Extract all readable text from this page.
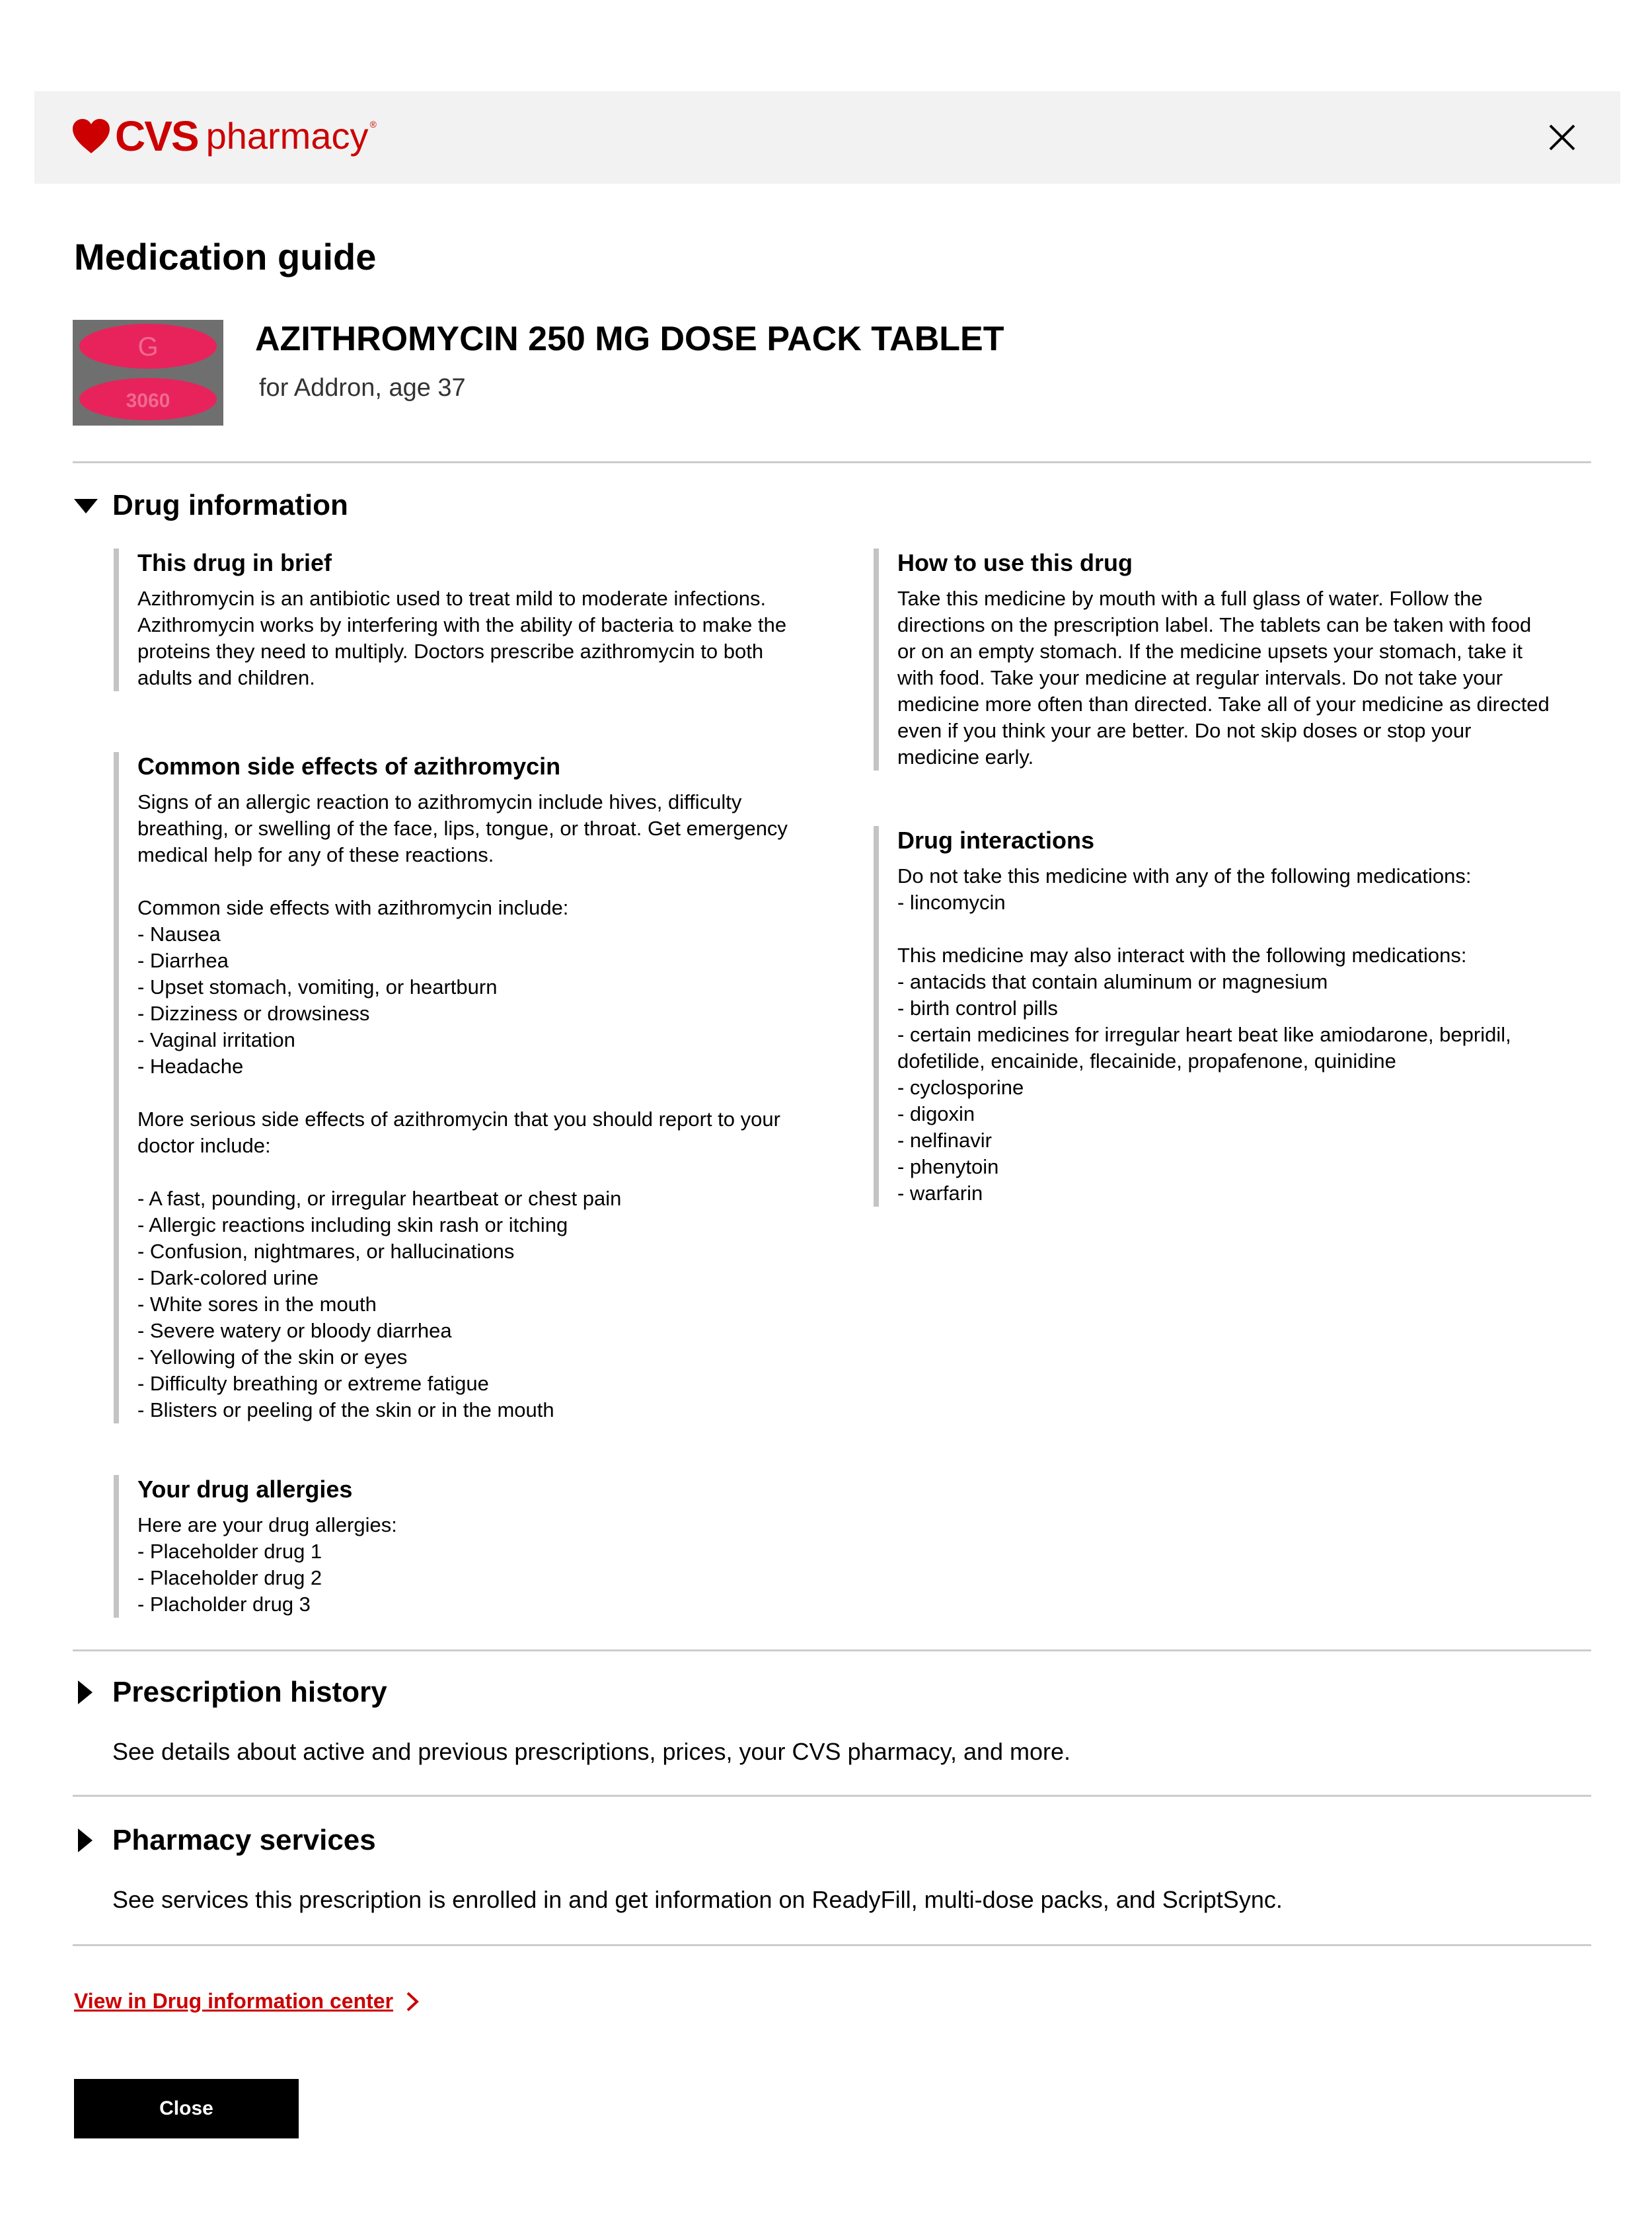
CVS pharmacy ®
Medication guide
G
3060
AZITHROMYCIN 250 MG DOSE PACK TABLET
for Addron, age 37
Drug information
This drug in brief
Azithromycin is an antibiotic used to treat mild to moderate infections.
Azithromycin works by interfering with the ability of bacteria to make the
proteins they need to multiply. Doctors prescribe azithromycin to both
adults and children.
Common side effects of azithromycin
Signs of an allergic reaction to azithromycin include hives, difficulty
breathing, or swelling of the face, lips, tongue, or throat. Get emergency
medical help for any of these reactions.

Common side effects with azithromycin include:
- Nausea
- Diarrhea
- Upset stomach, vomiting, or heartburn
- Dizziness or drowsiness
- Vaginal irritation
- Headache

More serious side effects of azithromycin that you should report to your
doctor include:

- A fast, pounding, or irregular heartbeat or chest pain
- Allergic reactions including skin rash or itching
- Confusion, nightmares, or hallucinations
- Dark-colored urine
- White sores in the mouth
- Severe watery or bloody diarrhea
- Yellowing of the skin or eyes
- Difficulty breathing or extreme fatigue
- Blisters or peeling of the skin or in the mouth
Your drug allergies
Here are your drug allergies:
- Placeholder drug 1
- Placeholder drug 2
- Placholder drug 3
How to use this drug
Take this medicine by mouth with a full glass of water. Follow the
directions on the prescription label. The tablets can be taken with food
or on an empty stomach. If the medicine upsets your stomach, take it
with food. Take your medicine at regular intervals. Do not take your
medicine more often than directed. Take all of your medicine as directed
even if you think your are better. Do not skip doses or stop your
medicine early.
Drug interactions
Do not take this medicine with any of the following medications:
- lincomycin

This medicine may also interact with the following medications:
- antacids that contain aluminum or magnesium
- birth control pills
- certain medicines for irregular heart beat like amiodarone, bepridil,
dofetilide, encainide, flecainide, propafenone, quinidine
- cyclosporine
- digoxin
- nelfinavir
- phenytoin
- warfarin
Prescription history
See details about active and previous prescriptions, prices, your CVS pharmacy, and more.
Pharmacy services
See services this prescription is enrolled in and get information on ReadyFill, multi-dose packs, and ScriptSync.
View in Drug information center
Close
